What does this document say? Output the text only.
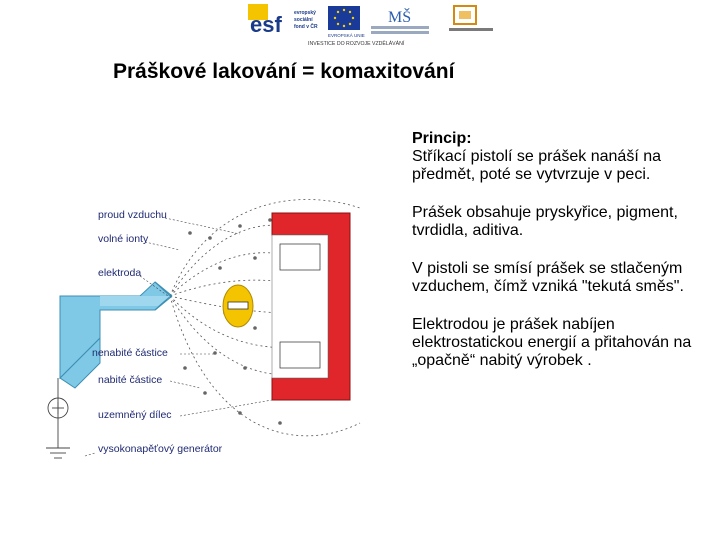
esf evropský
sociální
fond v ČR
EVROPSKÁ UNIE
MŠ
INVESTICE DO ROZVOJE VZDĚLÁVÁNÍ
Práškové lakování = komaxitování
proud vzduchu
volné ionty
elektroda
nenabité částice
nabité částice
uzemněný dílec
vysokonapěťový generátor

Princip:
Stříkací pistolí se prášek nanáší na předmět, poté se vytvrzuje v peci.

Prášek obsahuje pryskyřice, pigment, tvrdidla, aditiva.

V pistoli se smísí prášek se stlačeným vzduchem, čímž vzniká "tekutá směs".

Elektrodou je prášek nabíjen elektrostatickou energií a přitahován na „opačně“ nabitý výrobek .
